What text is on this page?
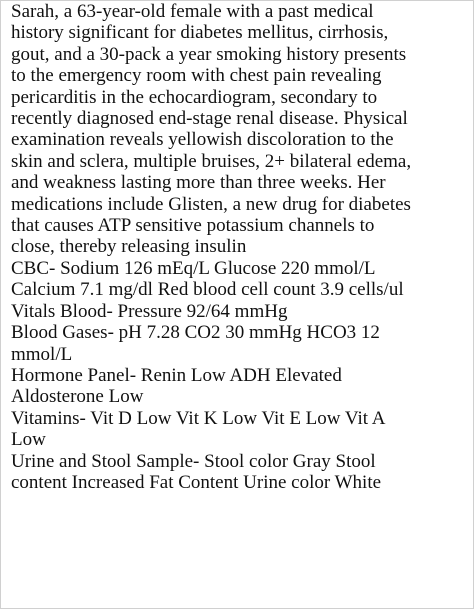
Sarah, a 63-year-old female with a past medical
history significant for diabetes mellitus, cirrhosis,
gout, and a 30-pack a year smoking history presents
to the emergency room with chest pain revealing
pericarditis in the echocardiogram, secondary to
recently diagnosed end-stage renal disease. Physical
examination reveals yellowish discoloration to the
skin and sclera, multiple bruises, 2+ bilateral edema,
and weakness lasting more than three weeks. Her
medications include Glisten, a new drug for diabetes
that causes ATP sensitive potassium channels to
close, thereby releasing insulin

CBC- Sodium 126 mEq/L Glucose 220 mmol/L

Calcium 7.1 mg/dl Red blood cell count 3.9 cells/ul

Vitals Blood- Pressure 92/64 mmHg

Blood Gases- pH 7.28 CO2 30 mmHg HCO3 12
mmol/L

Hormone Panel- Renin Low ADH Elevated
Aldosterone Low

Vitamins- Vit D Low Vit K Low Vit E Low Vit A
Low

Urine and Stool Sample- Stool color Gray Stool
content Increased Fat Content Urine color White
